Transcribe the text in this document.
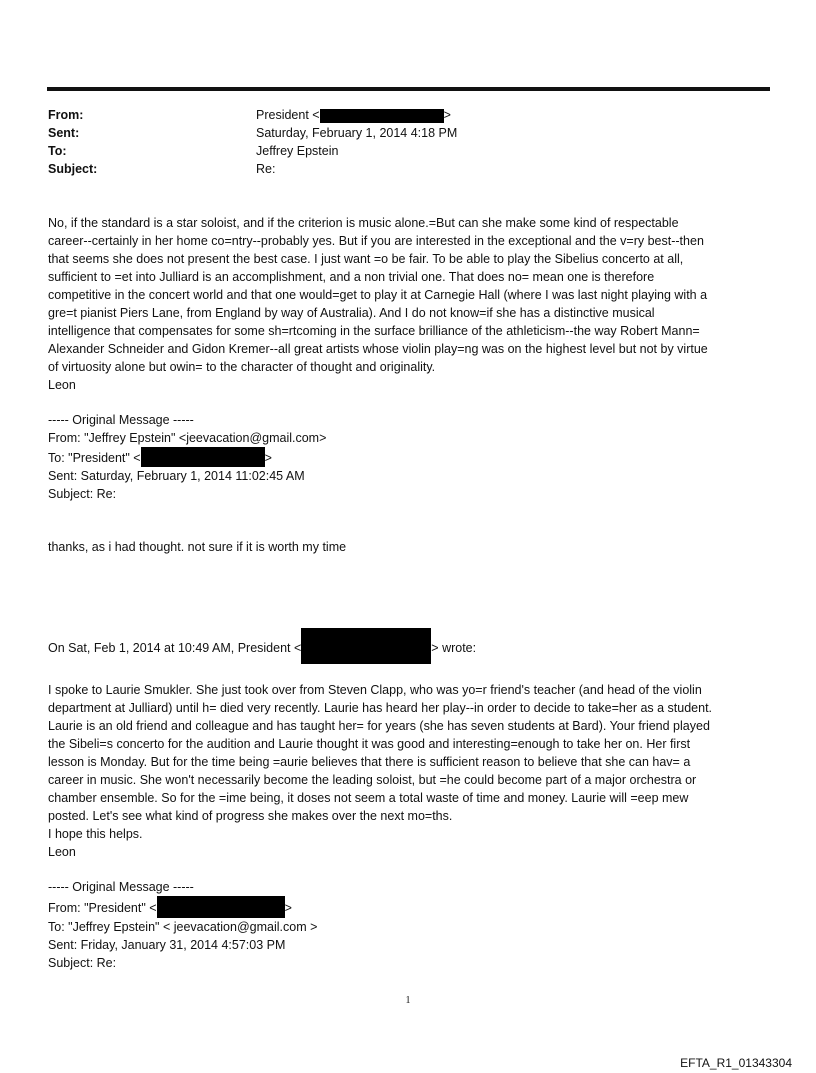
From:	President <	>
Sent:	Saturday, February 1, 2014 4:18 PM
To:	Jeffrey Epstein
Subject:	Re:
No, if the standard is a star soloist, and if the criterion is music alone.=But can she make some kind of respectable
career--certainly in her home co=ntry--probably yes. But if you are interested in the exceptional and the v=ry best--then
that seems she does not present the best case. I just want =o be fair. To be able to play the Sibelius concerto at all,
sufficient to =et into Julliard is an accomplishment, and a non trivial one. That does no= mean one is therefore
competitive in the concert world and that one would=get to play it at Carnegie Hall (where I was last night playing with a
gre=t pianist Piers Lane, from England by way of Australia). And I do not know=if she has a distinctive musical
intelligence that compensates for some sh=rtcoming in the surface brilliance of the athleticism--the way Robert Mann=
Alexander Schneider and Gidon Kremer--all great artists whose violin play=ng was on the highest level but not by virtue
of virtuosity alone but owin= to the character of thought and originality.
Leon
----- Original Message -----
From: "Jeffrey Epstein" <jeevacation@gmail.com>
To: "President" <	>
Sent: Saturday, February 1, 2014 11:02:45 AM
Subject: Re:
thanks, as i had thought. not sure if it is worth my time
On Sat, Feb 1, 2014 at 10:49 AM, President <	> wrote:
I spoke to Laurie Smukler. She just took over from Steven Clapp, who was yo=r friend's teacher (and head of the violin
department at Julliard) until h= died very recently. Laurie has heard her play--in order to decide to take=her as a student.
Laurie is an old friend and colleague and has taught her= for years (she has seven students at Bard). Your friend played
the Sibeli=s concerto for the audition and Laurie thought it was good and interesting=enough to take her on. Her first
lesson is Monday. But for the time being =aurie believes that there is sufficient reason to believe that she can hav= a
career in music. She won't necessarily become the leading soloist, but =he could become part of a major orchestra or
chamber ensemble. So for the =ime being, it doses not seem a total waste of time and money. Laurie will =eep mew
posted. Let's see what kind of progress she makes over the next mo=ths.
I hope this helps.
Leon
----- Original Message -----
From: "President" <	>
To: "Jeffrey Epstein" < jeevacation@gmail.com >
Sent: Friday, January 31, 2014 4:57:03 PM
Subject: Re:
1
EFTA_R1_01343304
